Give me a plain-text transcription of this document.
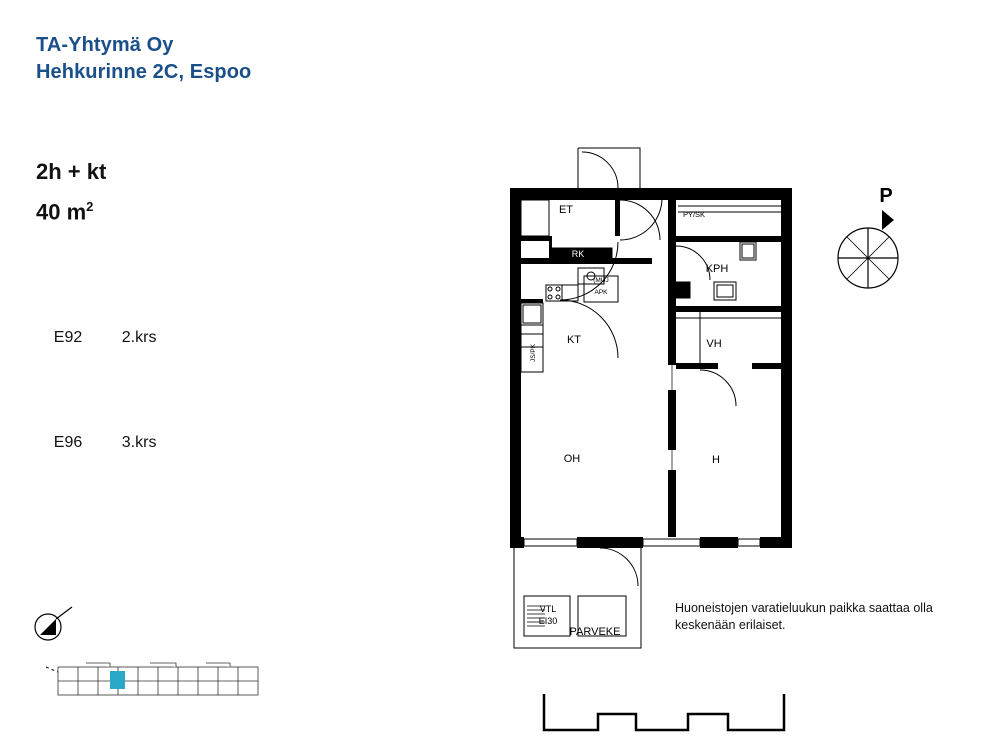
TA-Yhtymä Oy
Hehkurinne 2C, Espoo
2h + kt
40 $m^2$

E92 2.krs

E96 3.krs

ET	PY/SK
RK
KPH
(MUJ
APK
KT	VH
JS/PK
OH	H
VTL
EI30
PARVEKE
P
Huoneistojen varatieluukun paikka saattaa olla
keskenään erilaiset.
